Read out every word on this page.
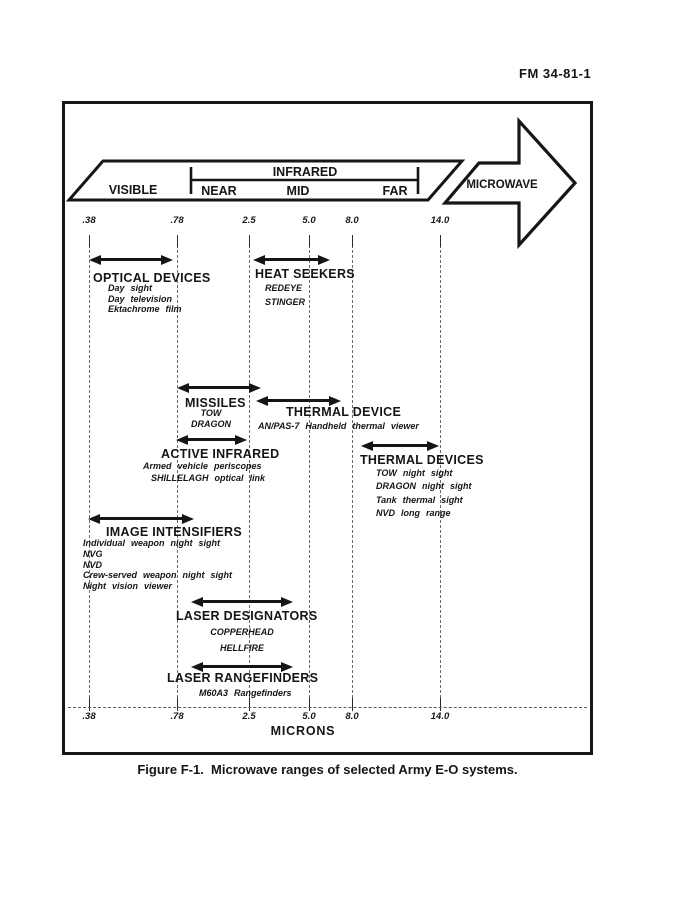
FM 34-81-1
VISIBLE
INFRARED
NEAR	MID	FAR	MICROWAVE
.38	.78	2.5	5.0	8.0	14.0
OPTICAL DEVICES
Day sight
Day television
Ektachrome film
HEAT SEEKERS
REDEYE
STINGER
MISSILES
TOW
DRAGON
THERMAL DEVICE
AN/PAS-7 Handheld thermal viewer
ACTIVE INFRARED
Armed vehicle periscopes
SHILLELAGH optical link
THERMAL DEVICES
TOW night sight
DRAGON night sight
Tank thermal sight
NVD long range
IMAGE INTENSIFIERS
Individual weapon night sight
NVG
NVD
Crew-served weapon night sight
Night vision viewer
LASER DESIGNATORS
COPPERHEAD
HELLFIRE
LASER RANGEFINDERS
M60A3 Rangefinders
.38	.78	2.5	5.0	8.0	14.0
MICRONS
Figure F-1.  Microwave ranges of selected Army E-O systems.
